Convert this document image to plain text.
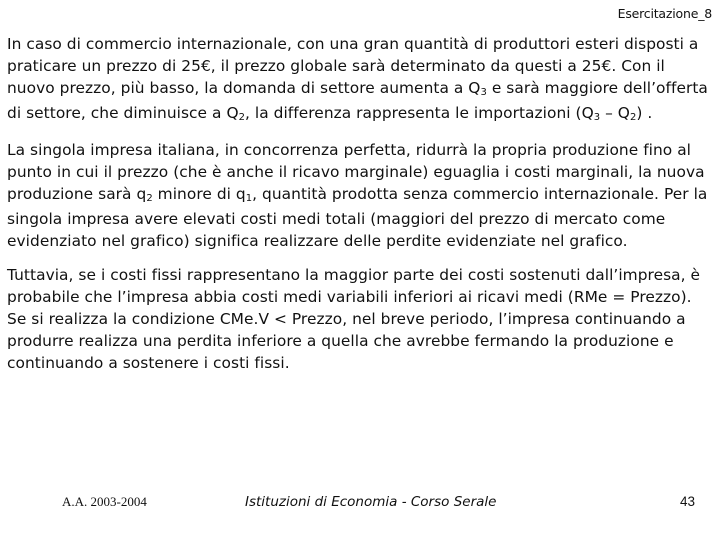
Esercitazione_8

In caso di commercio internazionale, con una gran quantità di produttori esteri disposti a praticare un prezzo di 25€, il prezzo globale sarà determinato da questi a 25€. Con il nuovo prezzo, più basso, la domanda di settore aumenta a $Q_3$ e sarà maggiore dell’offerta di settore, che diminuisce a $Q_2$, la differenza rappresenta le importazioni $(Q_3 - Q_2)$ .

La singola impresa italiana, in concorrenza perfetta, ridurrà la propria produzione fino al punto in cui il prezzo (che è anche il ricavo marginale) eguaglia i costi marginali, la nuova produzione sarà $q_2$ minore di $q_1$, quantità prodotta senza commercio internazionale. Per la singola impresa avere elevati costi medi totali (maggiori del prezzo di mercato come evidenziato nel grafico) significa realizzare delle perdite evidenziate nel grafico.

Tuttavia, se i costi fissi rappresentano la maggior parte dei costi sostenuti dall’impresa, è probabile che l’impresa abbia costi medi variabili inferiori ai ricavi medi (RMe = Prezzo). Se si realizza la condizione CMe.V < Prezzo, nel breve periodo, l’impresa continuando a produrre realizza una perdita inferiore a quella che avrebbe fermando la produzione e continuando a sostenere i costi fissi.

A.A. 2003-2004	Istituzioni di Economia - Corso Serale	43
